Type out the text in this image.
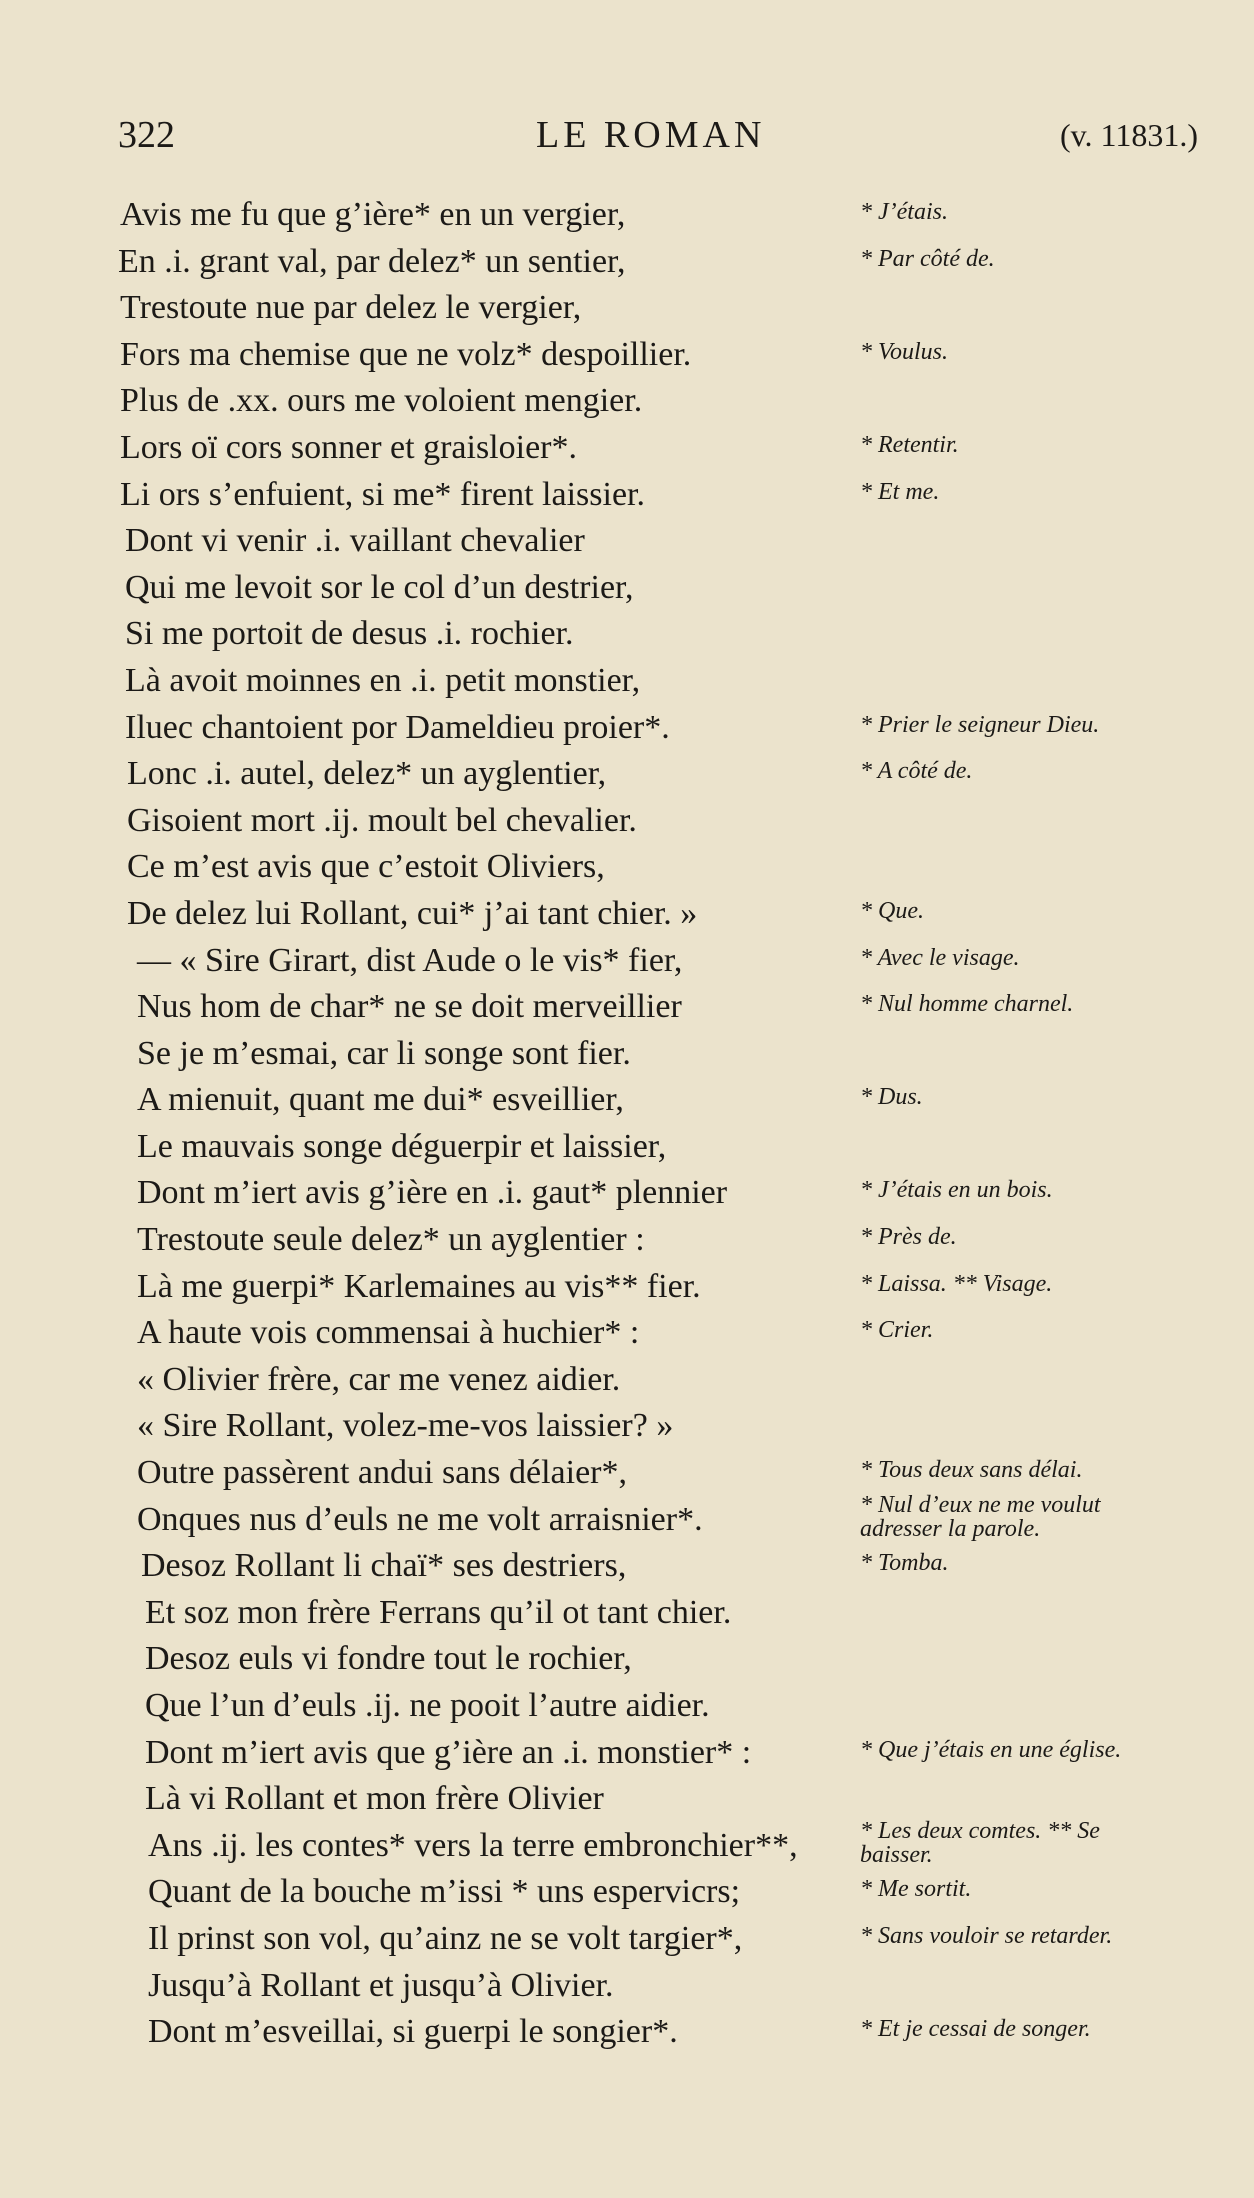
322	LE ROMAN	(v. 11831.)
Avis me fu que g’ière* en un vergier,	* J’étais.
En .i. grant val, par delez* un sentier,	* Par côté de.
Trestoute nue par delez le vergier,
Fors ma chemise que ne volz* despoillier.	* Voulus.
Plus de .xx. ours me voloient mengier.
Lors oï cors sonner et graisloier*.	* Retentir.
Li ors s’enfuient, si me* firent laissier.	* Et me.
Dont vi venir .i. vaillant chevalier
Qui me levoit sor le col d’un destrier,
Si me portoit de desus .i. rochier.
Là avoit moinnes en .i. petit monstier,
Iluec chantoient por Dameldieu proier*.	* Prier le seigneur Dieu.
Lonc .i. autel, delez* un ayglentier,	* A côté de.
Gisoient mort .ij. moult bel chevalier.
Ce m’est avis que c’estoit Oliviers,
De delez lui Rollant, cui* j’ai tant chier. »	* Que.
— « Sire Girart, dist Aude o le vis* fier,	* Avec le visage.
Nus hom de char* ne se doit merveillier	* Nul homme charnel.
Se je m’esmai, car li songe sont fier.
A mienuit, quant me dui* esveillier,	* Dus.
Le mauvais songe déguerpir et laissier,
Dont m’iert avis g’ière en .i. gaut* plennier	* J’étais en un bois.
Trestoute seule delez* un ayglentier :	* Près de.
Là me guerpi* Karlemaines au vis** fier.	* Laissa. ** Visage.
A haute vois commensai à huchier* :	* Crier.
« Olivier frère, car me venez aidier.
« Sire Rollant, volez-me-vos laissier? »
Outre passèrent andui sans délaier*,	* Tous deux sans délai.
Onques nus d’euls ne me volt arraisnier*.	* Nul d’eux ne me voulut
adresser la parole.
Desoz Rollant li chaï* ses destriers,	* Tomba.
Et soz mon frère Ferrans qu’il ot tant chier.
Desoz euls vi fondre tout le rochier,
Que l’un d’euls .ij. ne pooit l’autre aidier.
Dont m’iert avis que g’ière an .i. monstier* :	* Que j’étais en une église.
Là vi Rollant et mon frère Olivier
Ans .ij. les contes* vers la terre embronchier**,	* Les deux comtes. ** Se
baisser.
Quant de la bouche m’issi * uns espervicrs;	* Me sortit.
Il prinst son vol, qu’ainz ne se volt targier*,	* Sans vouloir se retarder.
Jusqu’à Rollant et jusqu’à Olivier.
Dont m’esveillai, si guerpi le songier*.	* Et je cessai de songer.
